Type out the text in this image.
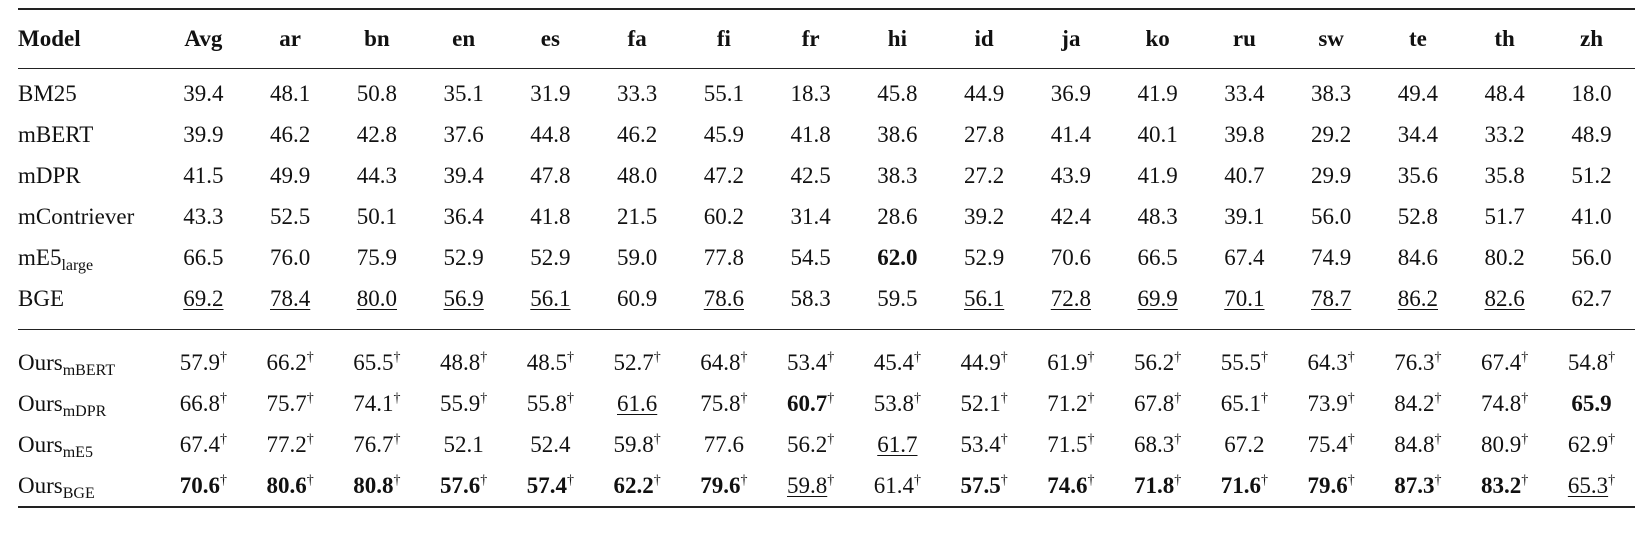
Model	Avg	ar	bn	en	es	fa	fi	fr	hi	id	ja	ko	ru	sw	te	th	zh
BM25	39.4	48.1	50.8	35.1	31.9	33.3	55.1	18.3	45.8	44.9	36.9	41.9	33.4	38.3	49.4	48.4	18.0
mBERT	39.9	46.2	42.8	37.6	44.8	46.2	45.9	41.8	38.6	27.8	41.4	40.1	39.8	29.2	34.4	33.2	48.9
mDPR	41.5	49.9	44.3	39.4	47.8	48.0	47.2	42.5	38.3	27.2	43.9	41.9	40.7	29.9	35.6	35.8	51.2
mContriever	43.3	52.5	50.1	36.4	41.8	21.5	60.2	31.4	28.6	39.2	42.4	48.3	39.1	56.0	52.8	51.7	41.0
$mE5_{large}$	66.5	76.0	75.9	52.9	52.9	59.0	77.8	54.5	62.0	52.9	70.6	66.5	67.4	74.9	84.6	80.2	56.0
BGE	69.2	78.4	80.0	56.9	56.1	60.9	78.6	58.3	59.5	56.1	72.8	69.9	70.1	78.7	86.2	82.6	62.7
Ours$_{mBERT}$	57.9†	66.2†	65.5†	48.8†	48.5†	52.7†	64.8†	53.4†	45.4†	44.9†	61.9†	56.2†	55.5†	64.3†	76.3†	67.4†	54.8†
Ours$_{mDPR}$	66.8†	75.7†	74.1†	55.9†	55.8†	61.6	75.8†	60.7†	53.8†	52.1†	71.2†	67.8†	65.1†	73.9†	84.2†	74.8†	65.9
Ours$_{mE5}$	67.4†	77.2†	76.7†	52.1	52.4	59.8†	77.6	56.2†	61.7	53.4†	71.5†	68.3†	67.2	75.4†	84.8†	80.9†	62.9†
Ours$_{BGE}$	70.6†	80.6†	80.8†	57.6†	57.4†	62.2†	79.6†	59.8†	61.4†	57.5†	74.6†	71.8†	71.6†	79.6†	87.3†	83.2†	65.3†
